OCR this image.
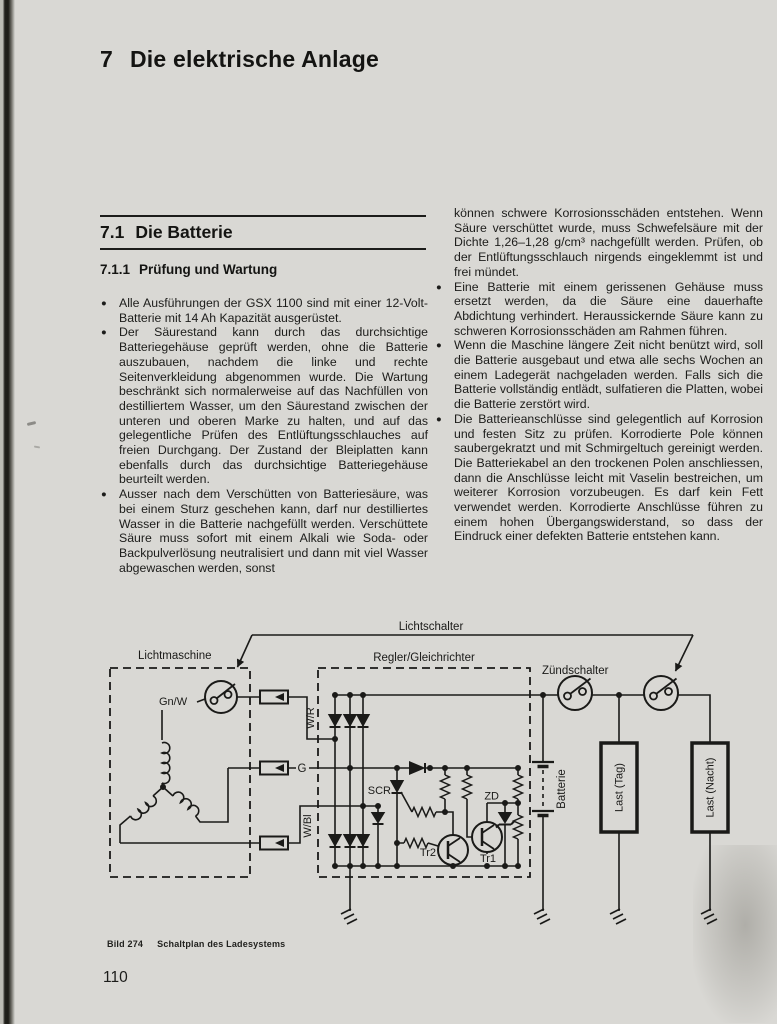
7 Die elektrische Anlage
7.1 Die Batterie
7.1.1 Prüfung und Wartung
● Alle Ausführungen der GSX 1100 sind mit einer 12-Volt-Batterie mit 14 Ah Kapazität ausgerüstet.
● Der Säurestand kann durch das durchsichtige Batteriegehäuse geprüft werden, ohne die Batterie auszubauen, nachdem die linke und rechte Seitenverkleidung abgenommen wurde. Die Wartung beschränkt sich normalerweise auf das Nachfüllen von destilliertem Wasser, um den Säurestand zwischen der unteren und oberen Marke zu halten, und auf das gelegentliche Prüfen des Entlüftungsschlauches auf freien Durchgang. Der Zustand der Bleiplatten kann ebenfalls durch das durchsichtige Batteriegehäuse beurteilt werden.
● Ausser nach dem Verschütten von Batteriesäure, was bei einem Sturz geschehen kann, darf nur destilliertes Wasser in die Batterie nachgefüllt werden. Verschüttete Säure muss sofort mit einem Alkali wie Soda- oder Backpulverlösung neutralisiert und dann mit viel Wasser abgewaschen werden, sonst
können schwere Korrosionsschäden entstehen. Wenn Säure verschüttet wurde, muss Schwefelsäure mit der Dichte 1,26–1,28 g/cm³ nachgefüllt werden. Prüfen, ob der Entlüftungsschlauch nirgends eingeklemmt ist und frei mündet.
● Eine Batterie mit einem gerissenen Gehäuse muss ersetzt werden, da die Säure eine dauerhafte Abdichtung verhindert. Heraussickernde Säure kann zu schweren Korrosionsschäden am Rahmen führen.
● Wenn die Maschine längere Zeit nicht benützt wird, soll die Batterie ausgebaut und etwa alle sechs Wochen an einem Ladegerät nachgeladen werden. Falls sich die Batterie vollständig entlädt, sulfatieren die Platten, wobei die Batterie zerstört wird.
● Die Batterieanschlüsse sind gelegentlich auf Korrosion und festen Sitz zu prüfen. Korrodierte Pole können saubergekratzt und mit Schmirgeltuch gereinigt werden. Die Batteriekabel an den trockenen Polen anschliessen, dann die Anschlüsse leicht mit Vaselin bestreichen, um weiterer Korrosion vorzubeugen. Es darf kein Fett verwendet werden. Korrodierte Anschlüsse führen zu einem hohen Übergangswiderstand, so dass der Eindruck einer defekten Batterie entstehen kann.
Lichtschalter
Lichtmaschine	Regler/Gleichrichter
Zündschalter
Gn/W
W/R
G
W/Bl
SCR	ZD
Tr2	Tr1
Batterie	Last (Tag)	Last (Nacht)
Bild 274 Schaltplan des Ladesystems
110
